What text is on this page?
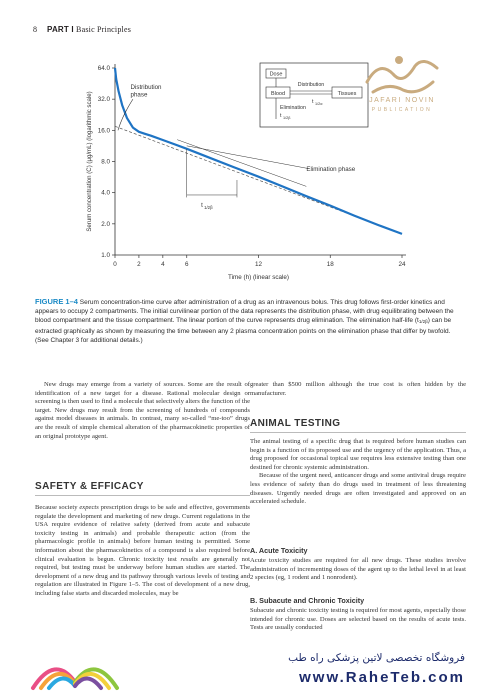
8 PART I Basic Principles
64.0
32.0
16.0
8.0
4.0
2.0
1.0
0	2	4	6	12	18	24
Time (h) (linear scale)
Serum concentration (C) (μg/mL) (logarithmic scale)
Distribution
phase
Elimination phase
t 1/2β
Dose
Blood	Tissues
Distribution
t 1/2α
Elimination
t 1/2β
JAFARI NOVIN
PUBLICATION
FIGURE 1–4 Serum concentration-time curve after administration of a drug as an intravenous bolus. This drug follows first-order kinetics and appears to occupy 2 compartments. The initial curvilinear portion of the data represents the distribution phase, with drug equilibrating between the blood compartment and the tissue compartment. The linear portion of the curve represents drug elimination. The elimination half-life $(t_{1/2\beta})$ can be extracted graphically as shown by measuring the time between any 2 plasma concentration points on the elimination phase that differ by twofold. (See Chapter 3 for additional details.)

New drugs may emerge from a variety of sources. Some are the result of identification of a new target for a disease. Rational molecular design or screening is then used to find a molecule that selectively alters the function of the target. New drugs may result from the screening of hundreds of compounds against model diseases in animals. In contrast, many so-called “me-too” drugs are the result of simple chemical alteration of the pharmacokinetic properties of an original prototype agent.

SAFETY & EFFICACY

Because society expects prescription drugs to be safe and effective, governments regulate the development and marketing of new drugs. Current regulations in the USA require evidence of relative safety (derived from acute and subacute toxicity testing in animals) and probable therapeutic action (from the pharmacologic profile in animals) before human testing is permitted. Some information about the pharmacokinetics of a compound is also required before clinical evaluation is begun. Chronic toxicity test results are generally not required, but testing must be underway before human studies are started. The development of a new drug and its pathway through various levels of testing and regulation are illustrated in Figure 1–5. The cost of development of a new drug, including false starts and discarded molecules, may be

greater than $500 million although the true cost is often hidden by the manufacturer.

ANIMAL TESTING

The animal testing of a specific drug that is required before human studies can begin is a function of its proposed use and the urgency of the application. Thus, a drug proposed for occasional topical use requires less extensive testing than one destined for chronic systemic administration.

Because of the urgent need, anticancer drugs and some antiviral drugs require less evidence of safety than do drugs used in treatment of less threatening diseases. Urgently needed drugs are often investigated and approved on an accelerated schedule.

A. Acute Toxicity

Acute toxicity studies are required for all new drugs. These studies involve administration of incrementing doses of the agent up to the lethal level in at least 2 species (eg, 1 rodent and 1 nonrodent).

B. Subacute and Chronic Toxicity

Subacute and chronic toxicity testing is required for most agents, especially those intended for chronic use. Doses are selected based on the results of acute tests. Tests are usually conducted

فروشگاه تخصصی لاتین پزشکی راه طب
www.RaheTeb.com
